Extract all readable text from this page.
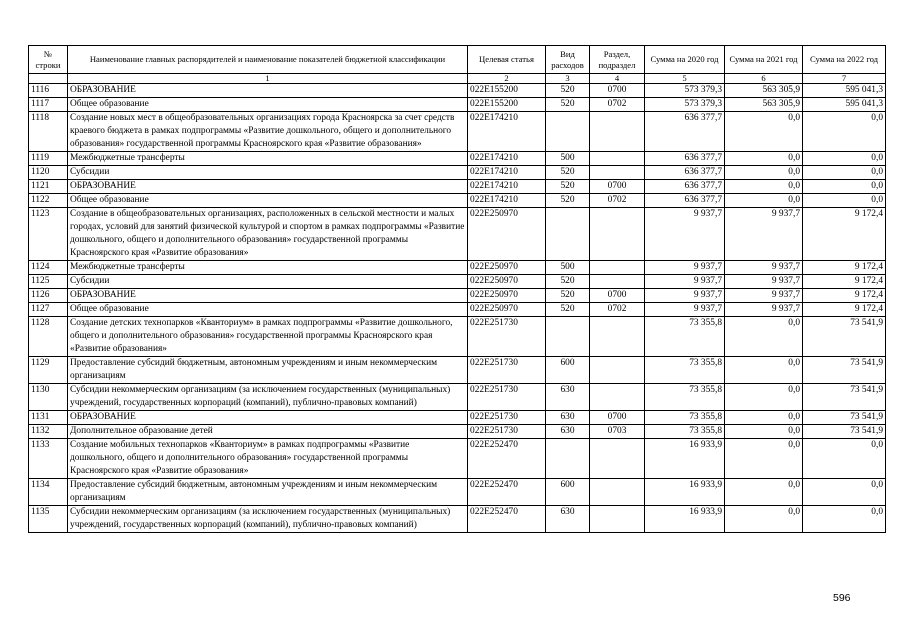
№ строки	Наименование главных распорядителей и наименование показателей бюджетной классификации	Целевая статья	Вид расходов	Раздел, подраздел	Сумма на 2020 год	Сумма на 2021 год	Сумма на 2022 год
	1	2	3	4	5	6	7
1116	ОБРАЗОВАНИЕ	022E155200	520	0700	573 379,3	563 305,9	595 041,3
1117	Общее образование	022E155200	520	0702	573 379,3	563 305,9	595 041,3
1118	Создание новых мест в общеобразовательных организациях города Красноярска за счет средств краевого бюджета в рамках подпрограммы «Развитие дошкольного, общего и дополнительного образования» государственной программы Красноярского края «Развитие образования»	022E174210			636 377,7	0,0	0,0
1119	Межбюджетные трансферты	022E174210	500		636 377,7	0,0	0,0
1120	Субсидии	022E174210	520		636 377,7	0,0	0,0
1121	ОБРАЗОВАНИЕ	022E174210	520	0700	636 377,7	0,0	0,0
1122	Общее образование	022E174210	520	0702	636 377,7	0,0	0,0
1123	Создание в общеобразовательных организациях, расположенных в сельской местности и малых городах, условий для занятий физической культурой и спортом в рамках подпрограммы «Развитие дошкольного, общего и дополнительного образования» государственной программы Красноярского края «Развитие образования»	022E250970			9 937,7	9 937,7	9 172,4
1124	Межбюджетные трансферты	022E250970	500		9 937,7	9 937,7	9 172,4
1125	Субсидии	022E250970	520		9 937,7	9 937,7	9 172,4
1126	ОБРАЗОВАНИЕ	022E250970	520	0700	9 937,7	9 937,7	9 172,4
1127	Общее образование	022E250970	520	0702	9 937,7	9 937,7	9 172,4
1128	Создание детских технопарков «Кванториум» в рамках подпрограммы «Развитие дошкольного, общего и дополнительного образования» государственной программы Красноярского края «Развитие образования»	022E251730			73 355,8	0,0	73 541,9
1129	Предоставление субсидий бюджетным, автономным учреждениям и иным некоммерческим организациям	022E251730	600		73 355,8	0,0	73 541,9
1130	Субсидии некоммерческим организациям (за исключением государственных (муниципальных) учреждений, государственных корпораций (компаний), публично-правовых компаний)	022E251730	630		73 355,8	0,0	73 541,9
1131	ОБРАЗОВАНИЕ	022E251730	630	0700	73 355,8	0,0	73 541,9
1132	Дополнительное образование детей	022E251730	630	0703	73 355,8	0,0	73 541,9
1133	Создание мобильных технопарков «Кванториум» в рамках подпрограммы «Развитие дошкольного, общего и дополнительного образования» государственной программы Красноярского края «Развитие образования»	022E252470			16 933,9	0,0	0,0
1134	Предоставление субсидий бюджетным, автономным учреждениям и иным некоммерческим организациям	022E252470	600		16 933,9	0,0	0,0
1135	Субсидии некоммерческим организациям (за исключением государственных (муниципальных) учреждений, государственных корпораций (компаний), публично-правовых компаний)	022E252470	630		16 933,9	0,0	0,0
596
